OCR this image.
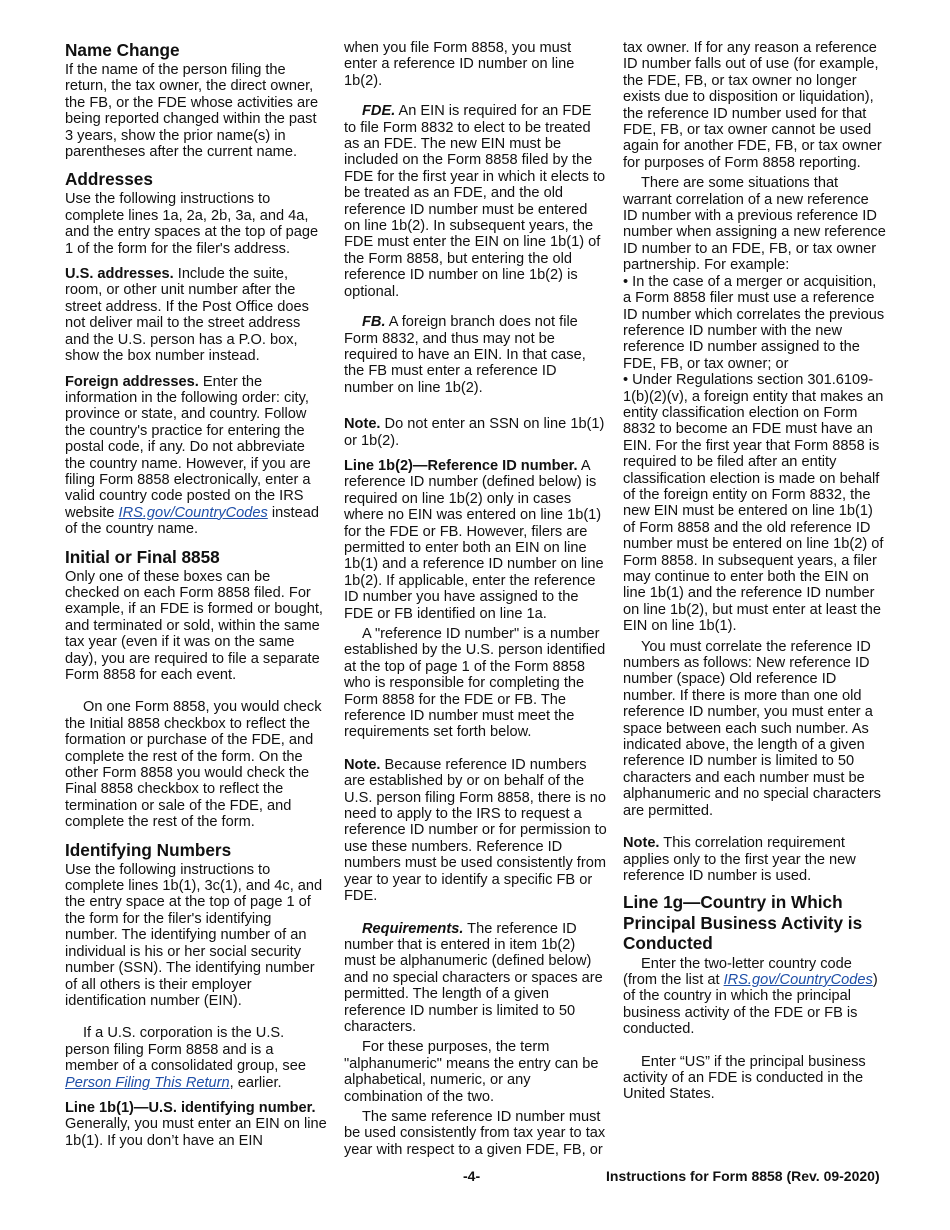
Name Change

If the name of the person filing the return, the tax owner, the direct owner, the FB, or the FDE whose activities are being reported changed within the past 3 years, show the prior name(s) in parentheses after the current name.

Addresses

Use the following instructions to complete lines 1a, 2a, 2b, 3a, and 4a, and the entry spaces at the top of page 1 of the form for the filer's address.

U.S. addresses. Include the suite, room, or other unit number after the street address. If the Post Office does not deliver mail to the street address and the U.S. person has a P.O. box, show the box number instead.

Foreign addresses. Enter the information in the following order: city, province or state, and country. Follow the country's practice for entering the postal code, if any. Do not abbreviate the country name. However, if you are filing Form 8858 electronically, enter a valid country code posted on the IRS website IRS.gov/CountryCodes instead of the country name.

Initial or Final 8858

Only one of these boxes can be checked on each Form 8858 filed. For example, if an FDE is formed or bought, and terminated or sold, within the same tax year (even if it was on the same day), you are required to file a separate Form 8858 for each event.

On one Form 8858, you would check the Initial 8858 checkbox to reflect the formation or purchase of the FDE, and complete the rest of the form. On the other Form 8858 you would check the Final 8858 checkbox to reflect the termination or sale of the FDE, and complete the rest of the form.

Identifying Numbers

Use the following instructions to complete lines 1b(1), 3c(1), and 4c, and the entry space at the top of page 1 of the form for the filer's identifying number. The identifying number of an individual is his or her social security number (SSN). The identifying number of all others is their employer identification number (EIN).

If a U.S. corporation is the U.S. person filing Form 8858 and is a member of a consolidated group, see Person Filing This Return, earlier.

Line 1b(1)—U.S. identifying number. Generally, you must enter an EIN on line 1b(1). If you don’t have an EIN

when you file Form 8858, you must enter a reference ID number on line 1b(2).

FDE. An EIN is required for an FDE to file Form 8832 to elect to be treated as an FDE. The new EIN must be included on the Form 8858 filed by the FDE for the first year in which it elects to be treated as an FDE, and the old reference ID number must be entered on line 1b(2). In subsequent years, the FDE must enter the EIN on line 1b(1) of the Form 8858, but entering the old reference ID number on line 1b(2) is optional.

FB. A foreign branch does not file Form 8832, and thus may not be required to have an EIN. In that case, the FB must enter a reference ID number on line 1b(2).

Note. Do not enter an SSN on line 1b(1) or 1b(2).

Line 1b(2)—Reference ID number. A reference ID number (defined below) is required on line 1b(2) only in cases where no EIN was entered on line 1b(1) for the FDE or FB. However, filers are permitted to enter both an EIN on line 1b(1) and a reference ID number on line 1b(2). If applicable, enter the reference ID number you have assigned to the FDE or FB identified on line 1a.

A "reference ID number" is a number established by the U.S. person identified at the top of page 1 of the Form 8858 who is responsible for completing the Form 8858 for the FDE or FB. The reference ID number must meet the requirements set forth below.

Note. Because reference ID numbers are established by or on behalf of the U.S. person filing Form 8858, there is no need to apply to the IRS to request a reference ID number or for permission to use these numbers. Reference ID numbers must be used consistently from year to year to identify a specific FB or FDE.

Requirements. The reference ID number that is entered in item 1b(2) must be alphanumeric (defined below) and no special characters or spaces are permitted. The length of a given reference ID number is limited to 50 characters.

For these purposes, the term "alphanumeric" means the entry can be alphabetical, numeric, or any combination of the two.

The same reference ID number must be used consistently from tax year to tax year with respect to a given FDE, FB, or

tax owner. If for any reason a reference ID number falls out of use (for example, the FDE, FB, or tax owner no longer exists due to disposition or liquidation), the reference ID number used for that FDE, FB, or tax owner cannot be used again for another FDE, FB, or tax owner for purposes of Form 8858 reporting.

There are some situations that warrant correlation of a new reference ID number with a previous reference ID number when assigning a new reference ID number to an FDE, FB, or tax owner partnership. For example:

• In the case of a merger or acquisition, a Form 8858 filer must use a reference ID number which correlates the previous reference ID number with the new reference ID number assigned to the FDE, FB, or tax owner; or

• Under Regulations section 301.6109-1(b)(2)(v), a foreign entity that makes an entity classification election on Form 8832 to become an FDE must have an EIN. For the first year that Form 8858 is required to be filed after an entity classification election is made on behalf of the foreign entity on Form 8832, the new EIN must be entered on line 1b(1) of Form 8858 and the old reference ID number must be entered on line 1b(2) of Form 8858. In subsequent years, a filer may continue to enter both the EIN on line 1b(1) and the reference ID number on line 1b(2), but must enter at least the EIN on line 1b(1).

You must correlate the reference ID numbers as follows: New reference ID number (space) Old reference ID number. If there is more than one old reference ID number, you must enter a space between each such number. As indicated above, the length of a given reference ID number is limited to 50 characters and each number must be alphanumeric and no special characters are permitted.

Note. This correlation requirement applies only to the first year the new reference ID number is used.

Line 1g—Country in Which Principal Business Activity is Conducted

Enter the two-letter country code (from the list at IRS.gov/CountryCodes) of the country in which the principal business activity of the FDE or FB is conducted.

Enter “US” if the principal business activity of an FDE is conducted in the United States.

-4-	Instructions for Form 8858 (Rev. 09-2020)
